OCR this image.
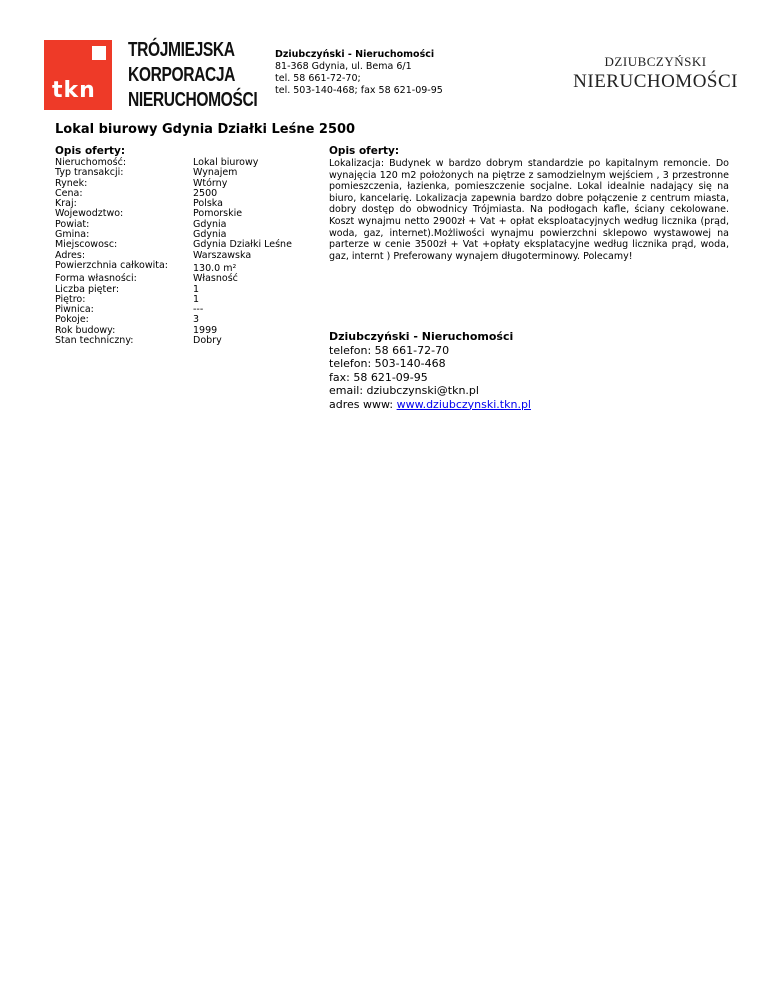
tkn
TRÓJMIEJSKA
KORPORACJA
NIERUCHOMOŚCI
Dziubczyński - Nieruchomości
81-368 Gdynia, ul. Bema 6/1
tel. 58 661-72-70;
tel. 503-140-468; fax 58 621-09-95
DZIUBCZYŃSKI
NIERUCHOMOŚCI
Lokal biurowy Gdynia Działki Leśne 2500
Opis oferty:
Nieruchomość:	Lokal biurowy
Typ transakcji:	Wynajem
Rynek:	Wtórny
Cena:	2500
Kraj:	Polska
Wojewodztwo:	Pomorskie
Powiat:	Gdynia
Gmina:	Gdynia
Miejscowosc:	Gdynia Działki Leśne
Adres:	Warszawska
Powierzchnia całkowita:	130.0 m²
Forma własności:	Własność
Liczba pięter:	1
Piętro:	1
Piwnica:	---
Pokoje:	3
Rok budowy:	1999
Stan techniczny:	Dobry
Opis oferty:
Lokalizacja: Budynek w bardzo dobrym standardzie po kapitalnym remoncie. Do wynajęcia 120 m2 położonych na piętrze z samodzielnym wejściem , 3 przestronne pomieszczenia, łazienka, pomieszczenie socjalne. Lokal idealnie nadający się na biuro, kancelarię. Lokalizacja zapewnia bardzo dobre połączenie z centrum miasta, dobry dostęp do obwodnicy Trójmiasta. Na podłogach kafle, ściany cekolowane. Koszt wynajmu netto 2900zł + Vat + opłat eksploatacyjnych według licznika (prąd, woda, gaz, internet).Możliwości wynajmu powierzchni sklepowo wystawowej na parterze w cenie 3500zł + Vat +opłaty eksplatacyjne według licznika prąd, woda, gaz, internt ) Preferowany wynajem długoterminowy. Polecamy!
Dziubczyński - Nieruchomości
telefon: 58 661-72-70
telefon: 503-140-468
fax: 58 621-09-95
email: dziubczynski@tkn.pl
adres www: www.dziubczynski.tkn.pl
